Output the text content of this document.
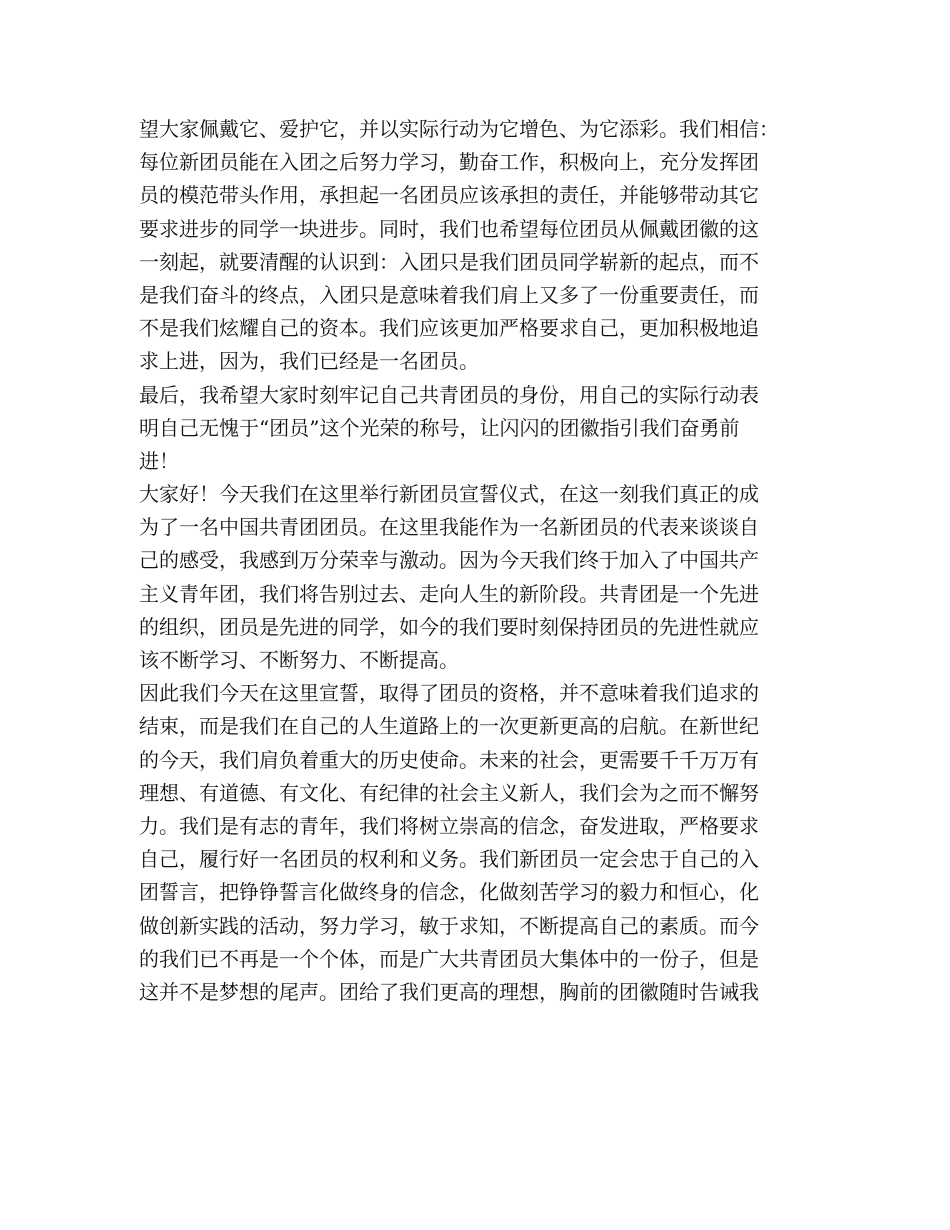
望大家佩戴它、爱护它，并以实际行动为它增色、为它添彩。我们相信：
每位新团员能在入团之后努力学习，勤奋工作，积极向上，充分发挥团
员的模范带头作用，承担起一名团员应该承担的责任，并能够带动其它
要求进步的同学一块进步。同时，我们也希望每位团员从佩戴团徽的这
一刻起，就要清醒的认识到：入团只是我们团员同学崭新的起点，而不
是我们奋斗的终点，入团只是意味着我们肩上又多了一份重要责任，而
不是我们炫耀自己的资本。我们应该更加严格要求自己，更加积极地追
求上进，因为，我们已经是一名团员。
最后，我希望大家时刻牢记自己共青团员的身份，用自己的实际行动表
明自己无愧于“团员”这个光荣的称号，让闪闪的团徽指引我们奋勇前
进！
大家好！今天我们在这里举行新团员宣誓仪式，在这一刻我们真正的成
为了一名中国共青团团员。在这里我能作为一名新团员的代表来谈谈自
己的感受，我感到万分荣幸与激动。因为今天我们终于加入了中国共产
主义青年团，我们将告别过去、走向人生的新阶段。共青团是一个先进
的组织，团员是先进的同学，如今的我们要时刻保持团员的先进性就应
该不断学习、不断努力、不断提高。
因此我们今天在这里宣誓，取得了团员的资格，并不意味着我们追求的
结束，而是我们在自己的人生道路上的一次更新更高的启航。在新世纪
的今天，我们肩负着重大的历史使命。未来的社会，更需要千千万万有
理想、有道德、有文化、有纪律的社会主义新人，我们会为之而不懈努
力。我们是有志的青年，我们将树立崇高的信念，奋发进取，严格要求
自己，履行好一名团员的权利和义务。我们新团员一定会忠于自己的入
团誓言，把铮铮誓言化做终身的信念，化做刻苦学习的毅力和恒心，化
做创新实践的活动，努力学习，敏于求知，不断提高自己的素质。而今
的我们已不再是一个个体，而是广大共青团员大集体中的一份子，但是
这并不是梦想的尾声。团给了我们更高的理想，胸前的团徽随时告诫我
